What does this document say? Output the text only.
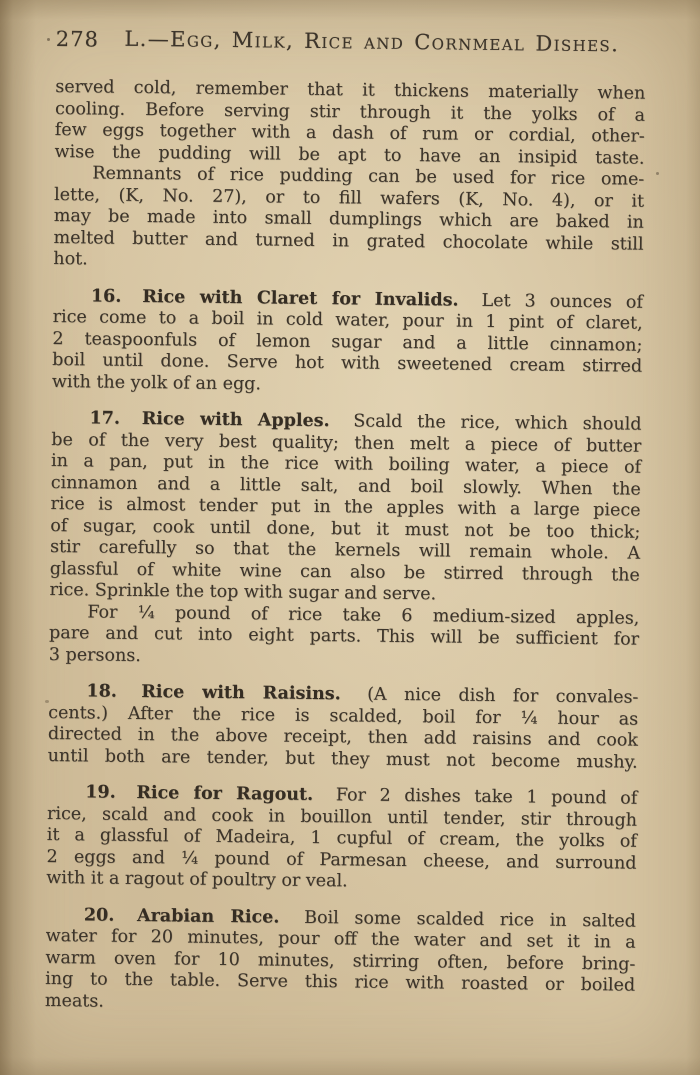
278	L.—Egg, Milk, Rice and Cornmeal Dishes.
served cold, remember that it thickens materially when
cooling. Before serving stir through it the yolks of a
few eggs together with a dash of rum or cordial, other-
wise the pudding will be apt to have an insipid taste.
Remnants of rice pudding can be used for rice ome-
lette, (K, No. 27), or to fill wafers (K, No. 4), or it
may be made into small dumplings which are baked in
melted butter and turned in grated chocolate while still
hot.
16. Rice with Claret for Invalids. Let 3 ounces of
rice come to a boil in cold water, pour in 1 pint of claret,
2 teaspoonfuls of lemon sugar and a little cinnamon;
boil until done. Serve hot with sweetened cream stirred
with the yolk of an egg.
17. Rice with Apples. Scald the rice, which should
be of the very best quality; then melt a piece of butter
in a pan, put in the rice with boiling water, a piece of
cinnamon and a little salt, and boil slowly. When the
rice is almost tender put in the apples with a large piece
of sugar, cook until done, but it must not be too thick;
stir carefully so that the kernels will remain whole. A
glassful of white wine can also be stirred through the
rice. Sprinkle the top with sugar and serve.
For ¼ pound of rice take 6 medium-sized apples,
pare and cut into eight parts. This will be sufficient for
3 persons.
18. Rice with Raisins. (A nice dish for convales-
cents.) After the rice is scalded, boil for ¼ hour as
directed in the above receipt, then add raisins and cook
until both are tender, but they must not become mushy.
19. Rice for Ragout. For 2 dishes take 1 pound of
rice, scald and cook in bouillon until tender, stir through
it a glassful of Madeira, 1 cupful of cream, the yolks of
2 eggs and ¼ pound of Parmesan cheese, and surround
with it a ragout of poultry or veal.
20. Arabian Rice. Boil some scalded rice in salted
water for 20 minutes, pour off the water and set it in a
warm oven for 10 minutes, stirring often, before bring-
ing to the table. Serve this rice with roasted or boiled
meats.
